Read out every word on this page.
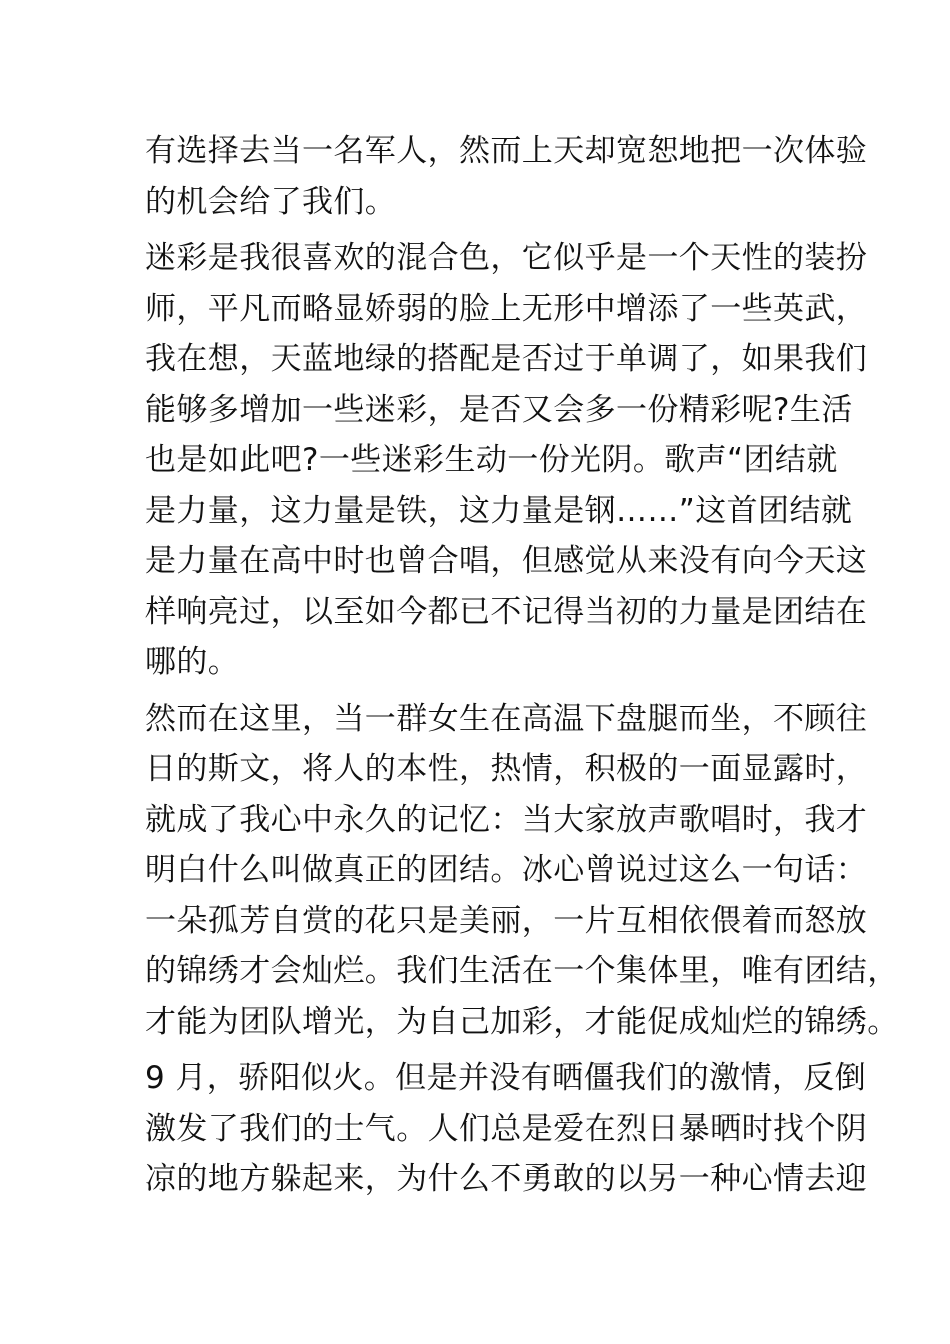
有选择去当一名军人，然而上天却宽恕地把一次体验
的机会给了我们。

迷彩是我很喜欢的混合色，它似乎是一个天性的装扮
师，平凡而略显娇弱的脸上无形中增添了一些英武，
我在想，天蓝地绿的搭配是否过于单调了，如果我们
能够多增加一些迷彩，是否又会多一份精彩呢?生活
也是如此吧?一些迷彩生动一份光阴。歌声“团结就
是力量，这力量是铁，这力量是钢……”这首团结就
是力量在高中时也曾合唱，但感觉从来没有向今天这
样响亮过，以至如今都已不记得当初的力量是团结在
哪的。

然而在这里，当一群女生在高温下盘腿而坐，不顾往
日的斯文，将人的本性，热情，积极的一面显露时，
就成了我心中永久的记忆：当大家放声歌唱时，我才
明白什么叫做真正的团结。冰心曾说过这么一句话：
一朵孤芳自赏的花只是美丽，一片互相依偎着而怒放
的锦绣才会灿烂。我们生活在一个集体里，唯有团结，
才能为团队增光，为自己加彩，才能促成灿烂的锦绣。

9 月，骄阳似火。但是并没有晒僵我们的激情，反倒
激发了我们的士气。人们总是爱在烈日暴晒时找个阴
凉的地方躲起来，为什么不勇敢的以另一种心情去迎
